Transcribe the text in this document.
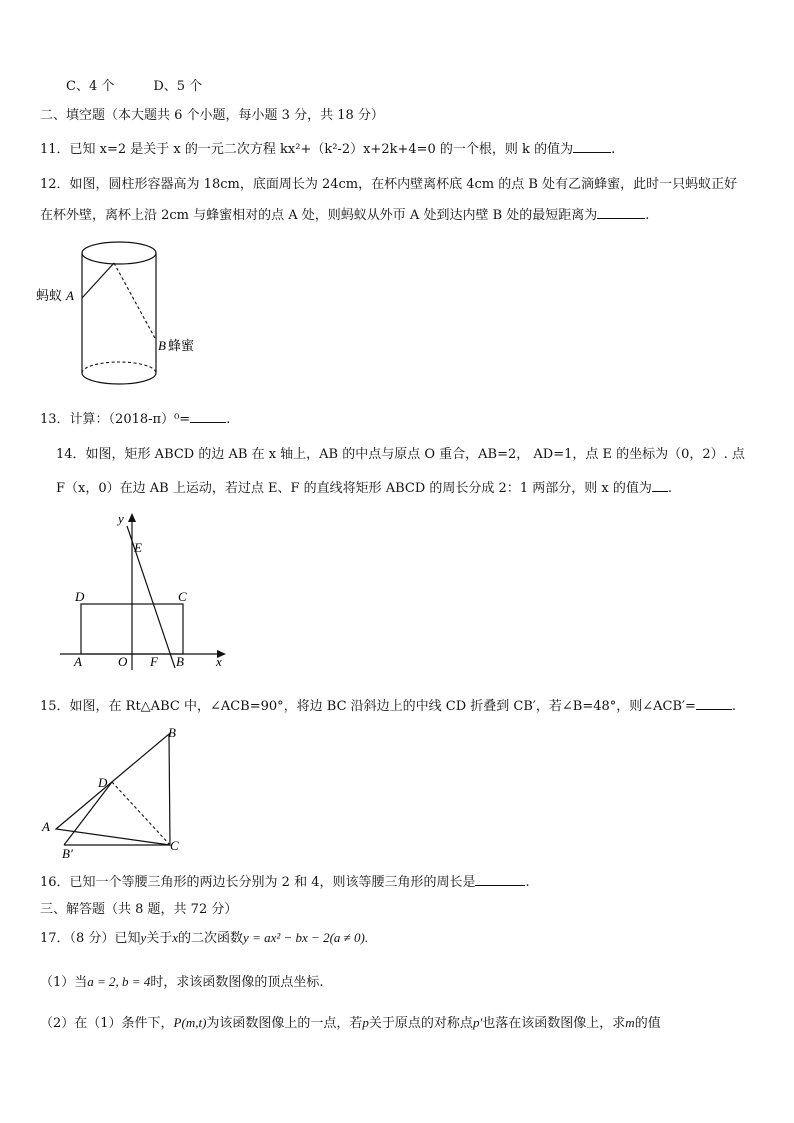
C、4 个　　　D、5 个
二、填空题（本大题共 6 个小题，每小题 3 分，共 18 分）
11．已知 x=2 是关于 x 的一元二次方程 kx²+（k²-2）x+2k+4=0 的一个根，则 k 的值为	.
12．如图，圆柱形容器高为 18cm，底面周长为 24cm，在杯内壁离杯底 4cm 的点 B 处有乙滴蜂蜜，此时一只蚂蚁正好
在杯外壁，离杯上沿 2cm 与蜂蜜相对的点 A 处，则蚂蚁从外帀 A 处到达内壁 B 处的最短距离为	.
蚂蚁 A
B 蜂蜜
13．计算：（2018-π）⁰=	.
14．如图，矩形 ABCD 的边 AB 在 x 轴上，AB 的中点与原点 O 重合，AB=2， AD=1，点 E 的坐标为（0，2）. 点
F（x，0）在边 AB 上运动，若过点 E、F 的直线将矩形 ABCD 的周长分成 2：1 两部分，则 x 的值为 .
y
x
E
D	C
A	O F B
15．如图，在 Rt△ABC 中，∠ACB=90°，将边 BC 沿斜边上的中线 CD 折叠到 CB′，若∠B=48°，则∠ACB′=	.
A
B
C
D
B′
16．已知一个等腰三角形的两边长分别为 2 和 4，则该等腰三角形的周长是	.
三、解答题（共 8 题，共 72 分）
17．（8 分）已知y关于x的二次函数y = ax² − bx − 2(a ≠ 0).
（1）当a = 2, b = 4时，求该函数图像的顶点坐标.
（2）在（1）条件下，P(m,t)为该函数图像上的一点，若p关于原点的对称点p′也落在该函数图像上，求m的值
